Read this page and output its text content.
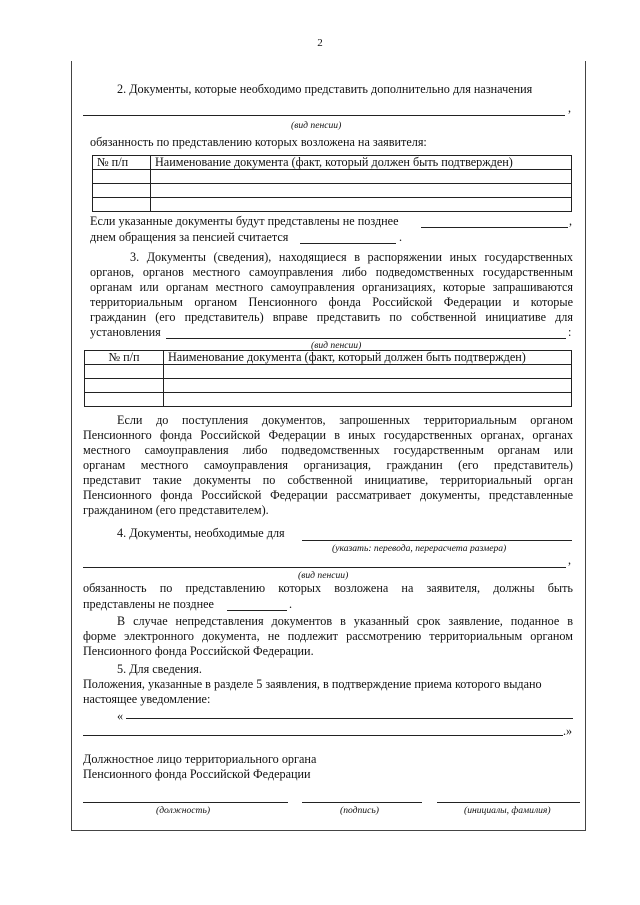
2
2. Документы, которые необходимо представить дополнительно для назначения
,
(вид пенсии)
обязанность по представлению которых возложена на заявителя:
№ п/п	Наименование документа (факт, который должен быть подтвержден)

Если указанные документы будут представлены не позднее	,
днем обращения за пенсией считается	.
3. Документы (сведения), находящиеся в распоряжении иных государственных
органов, органов местного самоуправления либо подведомственных государственным
органам или органам местного самоуправления организациях, которые запрашиваются
территориальным органом Пенсионного фонда Российской Федерации и которые
гражданин (его представитель) вправе представить по собственной инициативе для
установления	:
(вид пенсии)
№ п/п	Наименование документа (факт, который должен быть подтвержден)

Если до поступления документов, запрошенных территориальным органом
Пенсионного фонда Российской Федерации в иных государственных органах, органах
местного самоуправления либо подведомственных государственным органам или
органам местного самоуправления организация, гражданин (его представитель)
представит такие документы по собственной инициативе, территориальный орган
Пенсионного фонда Российской Федерации рассматривает документы, представленные
гражданином (его представителем).
4. Документы, необходимые для
(указать: перевода, перерасчета размера)
,
(вид пенсии)
обязанность по представлению которых возложена на заявителя, должны быть
представлены не позднее	.
В случае непредставления документов в указанный срок заявление, поданное в
форме электронного документа, не подлежит рассмотрению территориальным органом
Пенсионного фонда Российской Федерации.
5. Для сведения.
Положения, указанные в разделе 5 заявления, в подтверждение приема которого выдано
настоящее уведомление:
«
.»
Должностное лицо территориального органа
Пенсионного фонда Российской Федерации
(должность)	(подпись)	(инициалы, фамилия)
